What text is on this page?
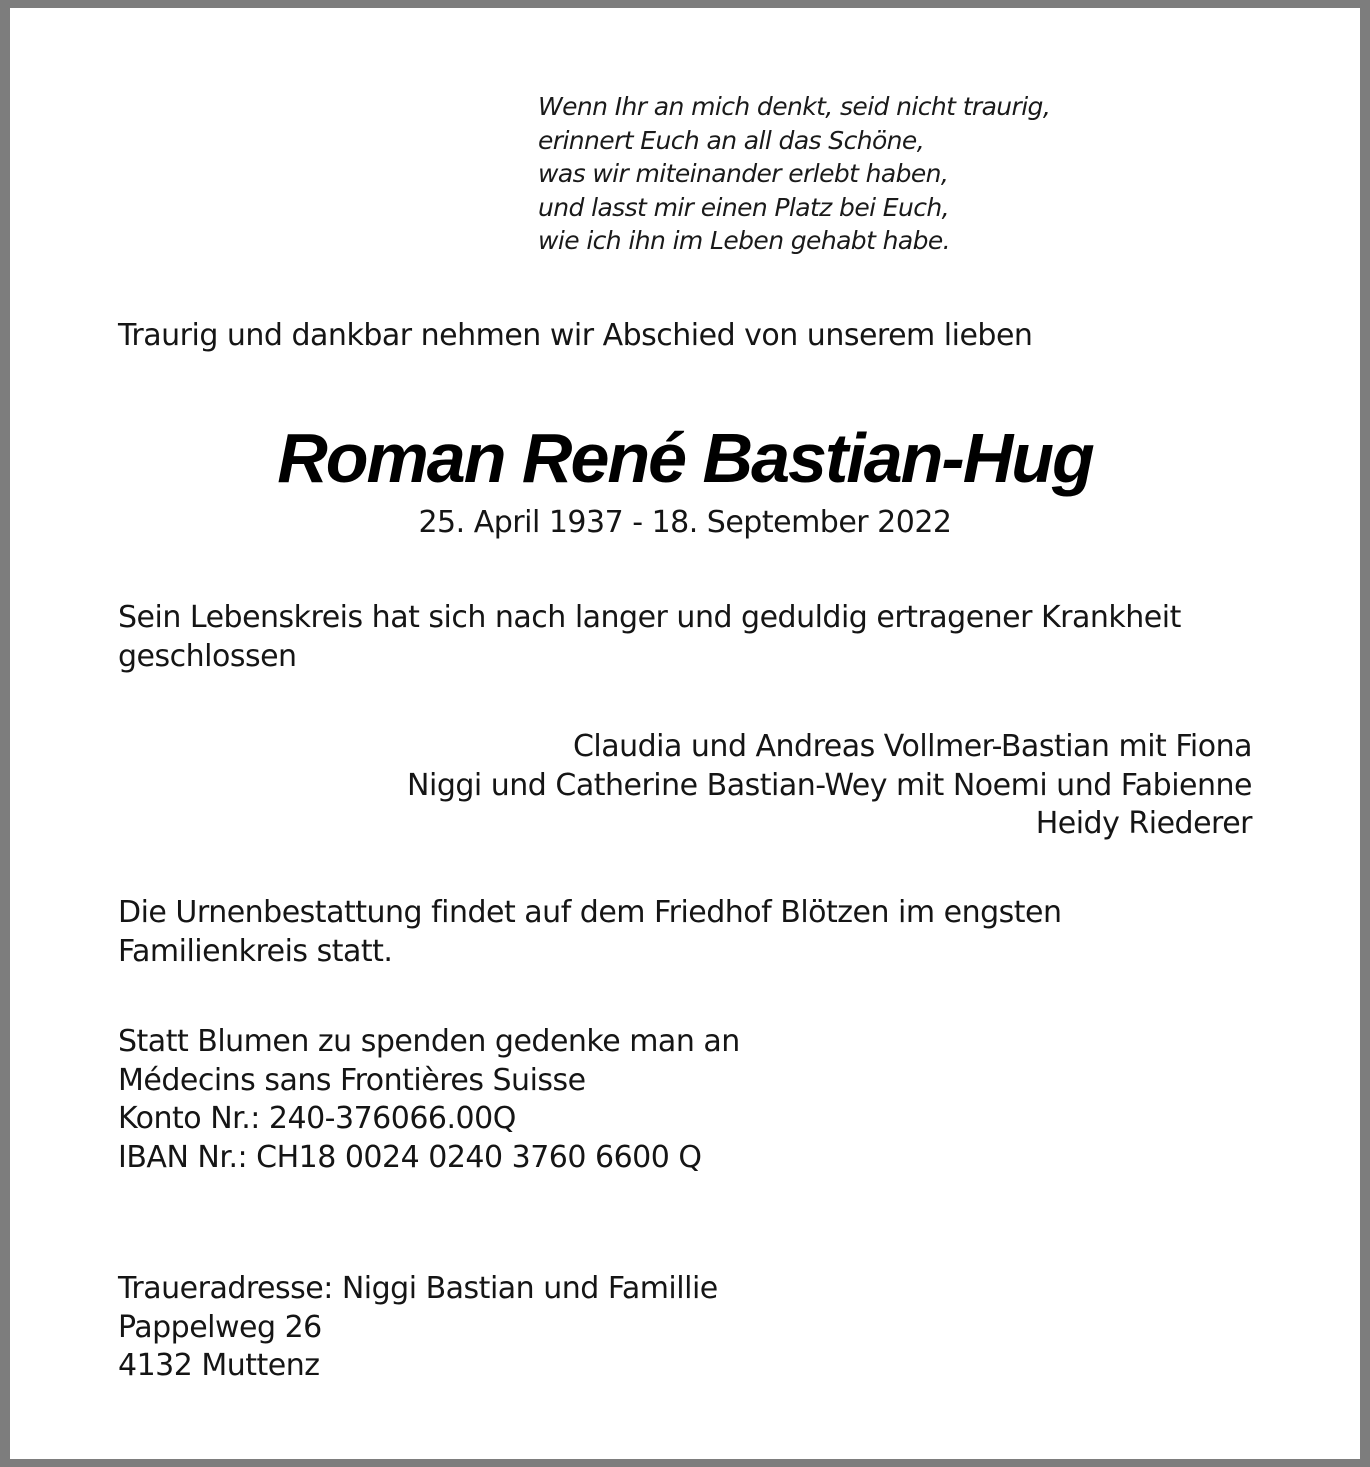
Wenn Ihr an mich denkt, seid nicht traurig,
erinnert Euch an all das Schöne,
was wir miteinander erlebt haben,
und lasst mir einen Platz bei Euch,
wie ich ihn im Leben gehabt habe.
Traurig und dankbar nehmen wir Abschied von unserem lieben
Roman René Bastian-Hug
25. April 1937 - 18. September 2022
Sein Lebenskreis hat sich nach langer und geduldig ertragener Krankheit
geschlossen
Claudia und Andreas Vollmer-Bastian mit Fiona
Niggi und Catherine Bastian-Wey mit Noemi und Fabienne
Heidy Riederer
Die Urnenbestattung findet auf dem Friedhof Blötzen im engsten
Familienkreis statt.
Statt Blumen zu spenden gedenke man an
Médecins sans Frontières Suisse
Konto Nr.: 240-376066.00Q
IBAN Nr.: CH18 0024 0240 3760 6600 Q
Traueradresse: Niggi Bastian und Famillie
Pappelweg 26
4132 Muttenz
